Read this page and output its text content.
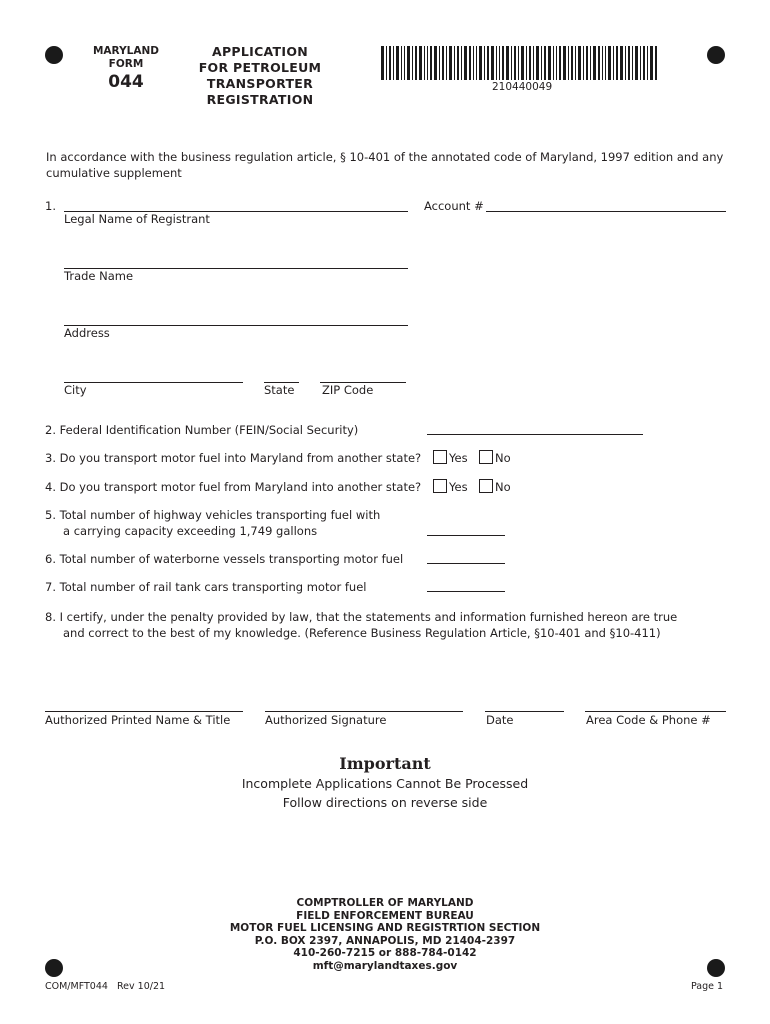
MARYLAND
FORM
044
APPLICATION
FOR PETROLEUM
TRANSPORTER
REGISTRATION
210440049
In accordance with the business regulation article, § 10-401 of the annotated code of Maryland, 1997 edition and any cumulative supplement
1.
Legal Name of Registrant
Account #
Trade Name
Address
City	State ZIP Code
2. Federal Identification Number (FEIN/Social Security)
3. Do you transport motor fuel into Maryland from another state? Yes No
4. Do you transport motor fuel from Maryland into another state? Yes No
5. Total number of highway vehicles transporting fuel with
a carrying capacity exceeding 1,749 gallons
6. Total number of waterborne vessels transporting motor fuel
7. Total number of rail tank cars transporting motor fuel
8. I certify, under the penalty provided by law, that the statements and information furnished hereon are true
and correct to the best of my knowledge. (Reference Business Regulation Article, §10-401 and §10-411)
Authorized Printed Name & Title	Authorized Signature	Date	Area Code & Phone #
Important
Incomplete Applications Cannot Be Processed
Follow directions on reverse side
COMPTROLLER OF MARYLAND
FIELD ENFORCEMENT BUREAU
MOTOR FUEL LICENSING AND REGISTRTION SECTION
P.O. BOX 2397, ANNAPOLIS, MD 21404-2397
410-260-7215 or 888-784-0142
mft@marylandtaxes.gov
COM/MFT044   Rev 10/21	Page 1
